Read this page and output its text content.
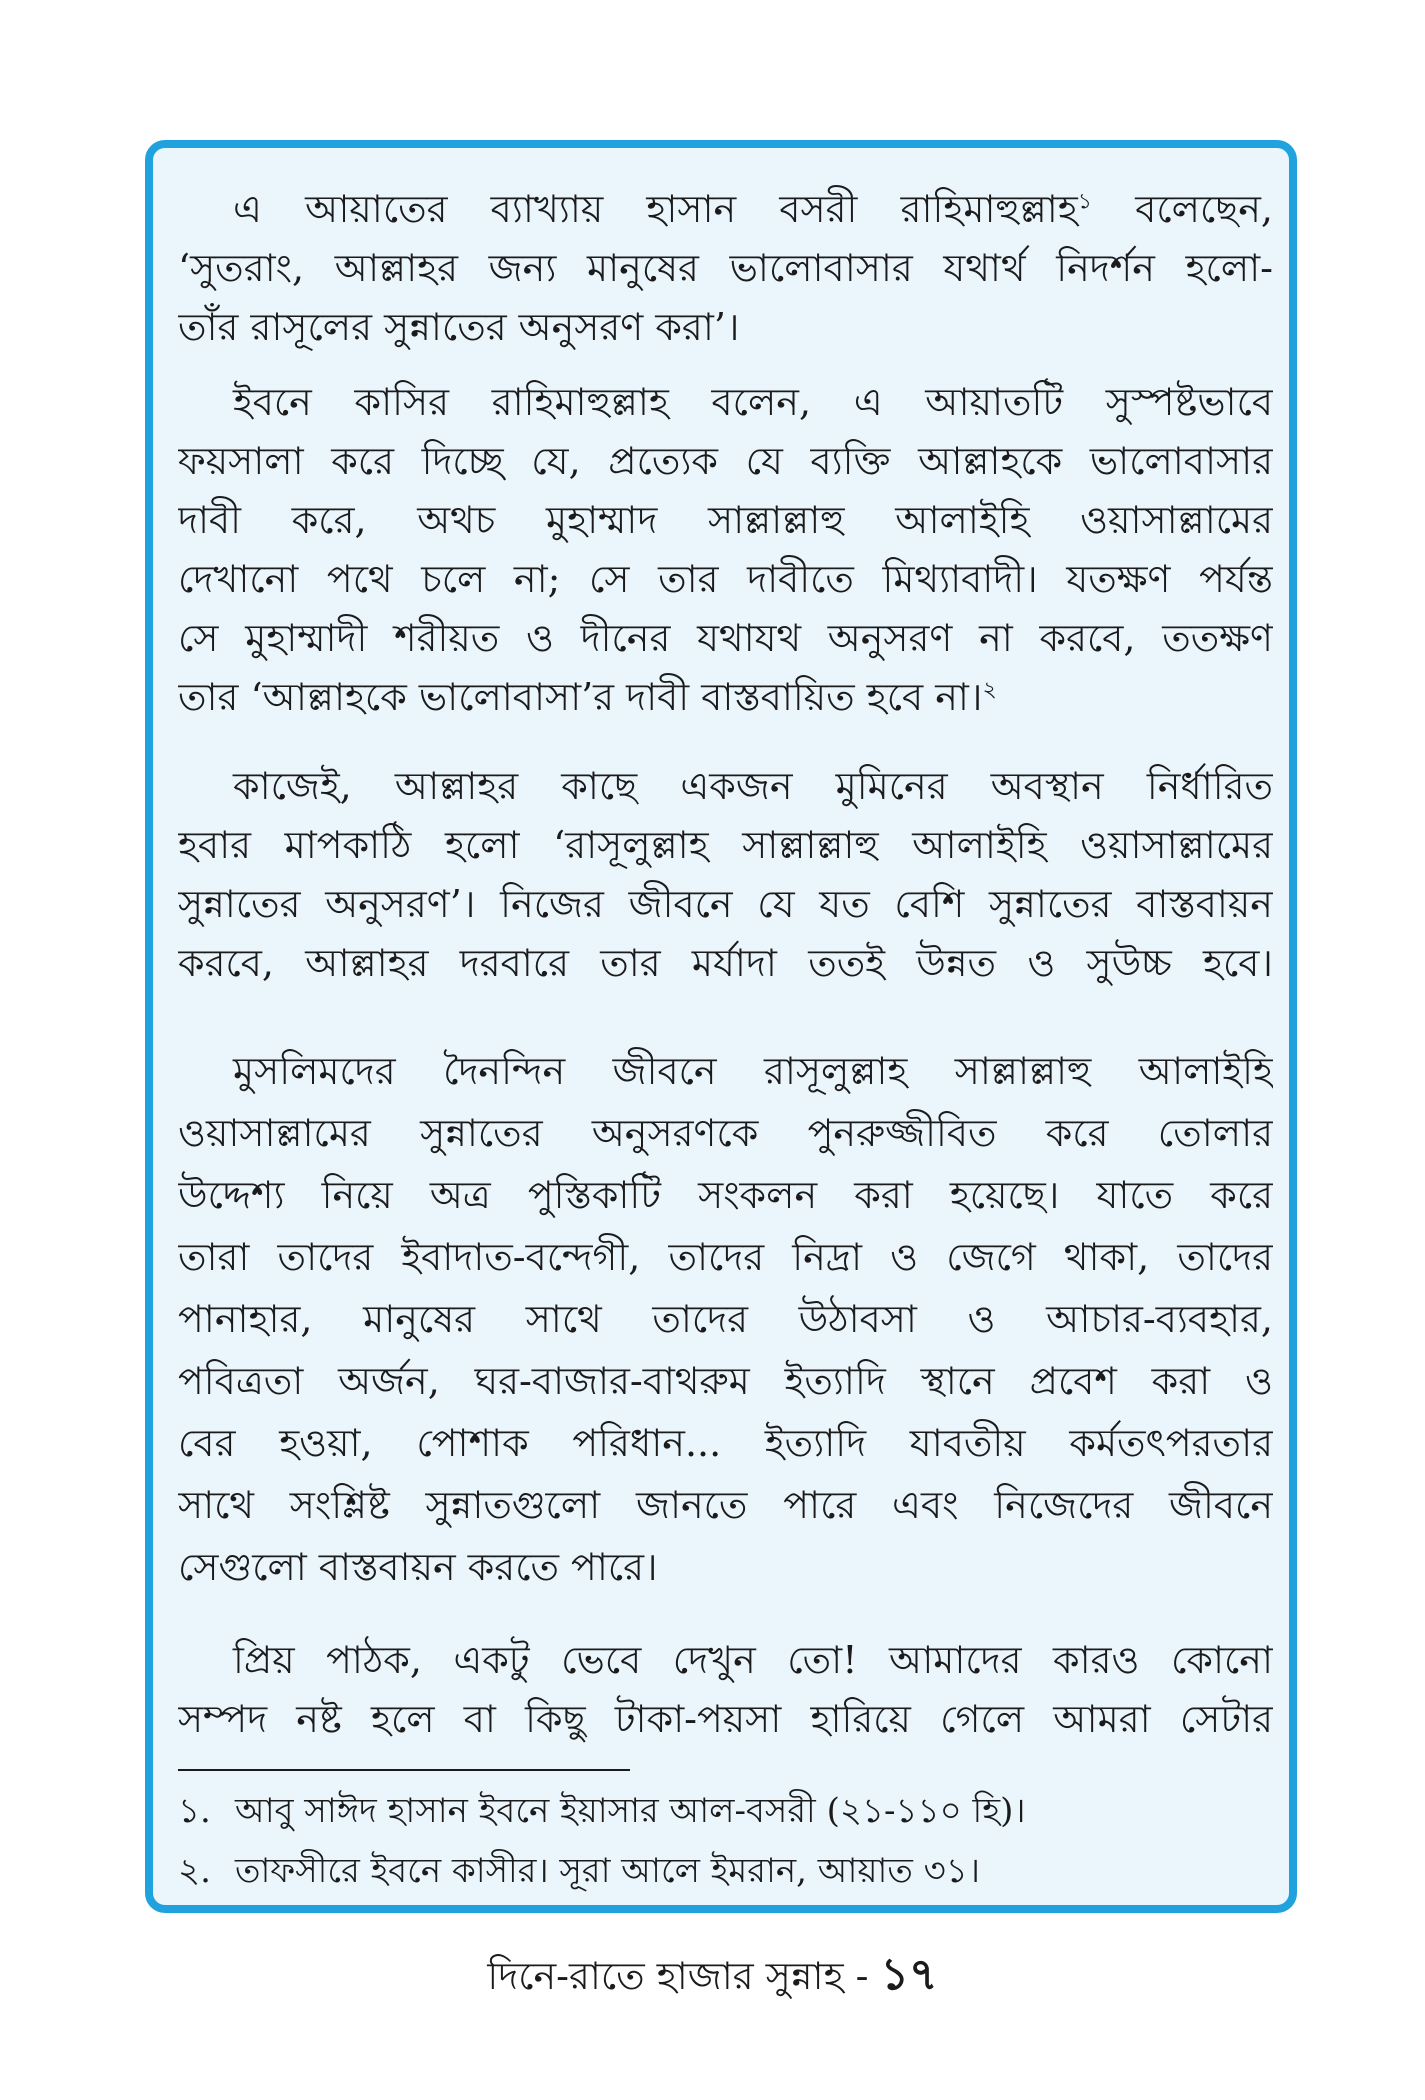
এ আয়াতের ব্যাখ্যায় হাসান বসরী রাহিমাহুল্লাহ$^১$ বলেছেন,
‘সুতরাং, আল্লাহর জন্য মানুষের ভালোবাসার যথার্থ নিদর্শন হলো-
তাঁর রাসূলের সুন্নাতের অনুসরণ করা’।
ইবনে কাসির রাহিমাহুল্লাহ বলেন, এ আয়াতটি সুস্পষ্টভাবে
ফয়সালা করে দিচ্ছে যে, প্রত্যেক যে ব্যক্তি আল্লাহকে ভালোবাসার
দাবী করে, অথচ মুহাম্মাদ সাল্লাল্লাহু আলাইহি ওয়াসাল্লামের
দেখানো পথে চলে না; সে তার দাবীতে মিথ্যাবাদী। যতক্ষণ পর্যন্ত
সে মুহাম্মাদী শরীয়ত ও দীনের যথাযথ অনুসরণ না করবে, ততক্ষণ
তার ‘আল্লাহকে ভালোবাসা’র দাবী বাস্তবায়িত হবে না।$^২$
কাজেই, আল্লাহর কাছে একজন মুমিনের অবস্থান নির্ধারিত
হবার মাপকাঠি হলো ‘রাসূলুল্লাহ সাল্লাল্লাহু আলাইহি ওয়াসাল্লামের
সুন্নাতের অনুসরণ’। নিজের জীবনে যে যত বেশি সুন্নাতের বাস্তবায়ন
করবে, আল্লাহর দরবারে তার মর্যাদা ততই উন্নত ও সুউচ্চ হবে।
মুসলিমদের দৈনন্দিন জীবনে রাসূলুল্লাহ সাল্লাল্লাহু আলাইহি
ওয়াসাল্লামের সুন্নাতের অনুসরণকে পুনরুজ্জীবিত করে তোলার
উদ্দেশ্য নিয়ে অত্র পুস্তিকাটি সংকলন করা হয়েছে। যাতে করে
তারা তাদের ইবাদাত-বন্দেগী, তাদের নিদ্রা ও জেগে থাকা, তাদের
পানাহার, মানুষের সাথে তাদের উঠাবসা ও আচার-ব্যবহার,
পবিত্রতা অর্জন, ঘর-বাজার-বাথরুম ইত্যাদি স্থানে প্রবেশ করা ও
বের হওয়া, পোশাক পরিধান... ইত্যাদি যাবতীয় কর্মতৎপরতার
সাথে সংশ্লিষ্ট সুন্নাতগুলো জানতে পারে এবং নিজেদের জীবনে
সেগুলো বাস্তবায়ন করতে পারে।
প্রিয় পাঠক, একটু ভেবে দেখুন তো! আমাদের কারও কোনো
সম্পদ নষ্ট হলে বা কিছু টাকা-পয়সা হারিয়ে গেলে আমরা সেটার
১. আবু সাঈদ হাসান ইবনে ইয়াসার আল-বসরী (২১-১১০ হি)।
২. তাফসীরে ইবনে কাসীর। সূরা আলে ইমরান, আয়াত ৩১।
দিনে-রাতে হাজার সুন্নাহ - ১৭
